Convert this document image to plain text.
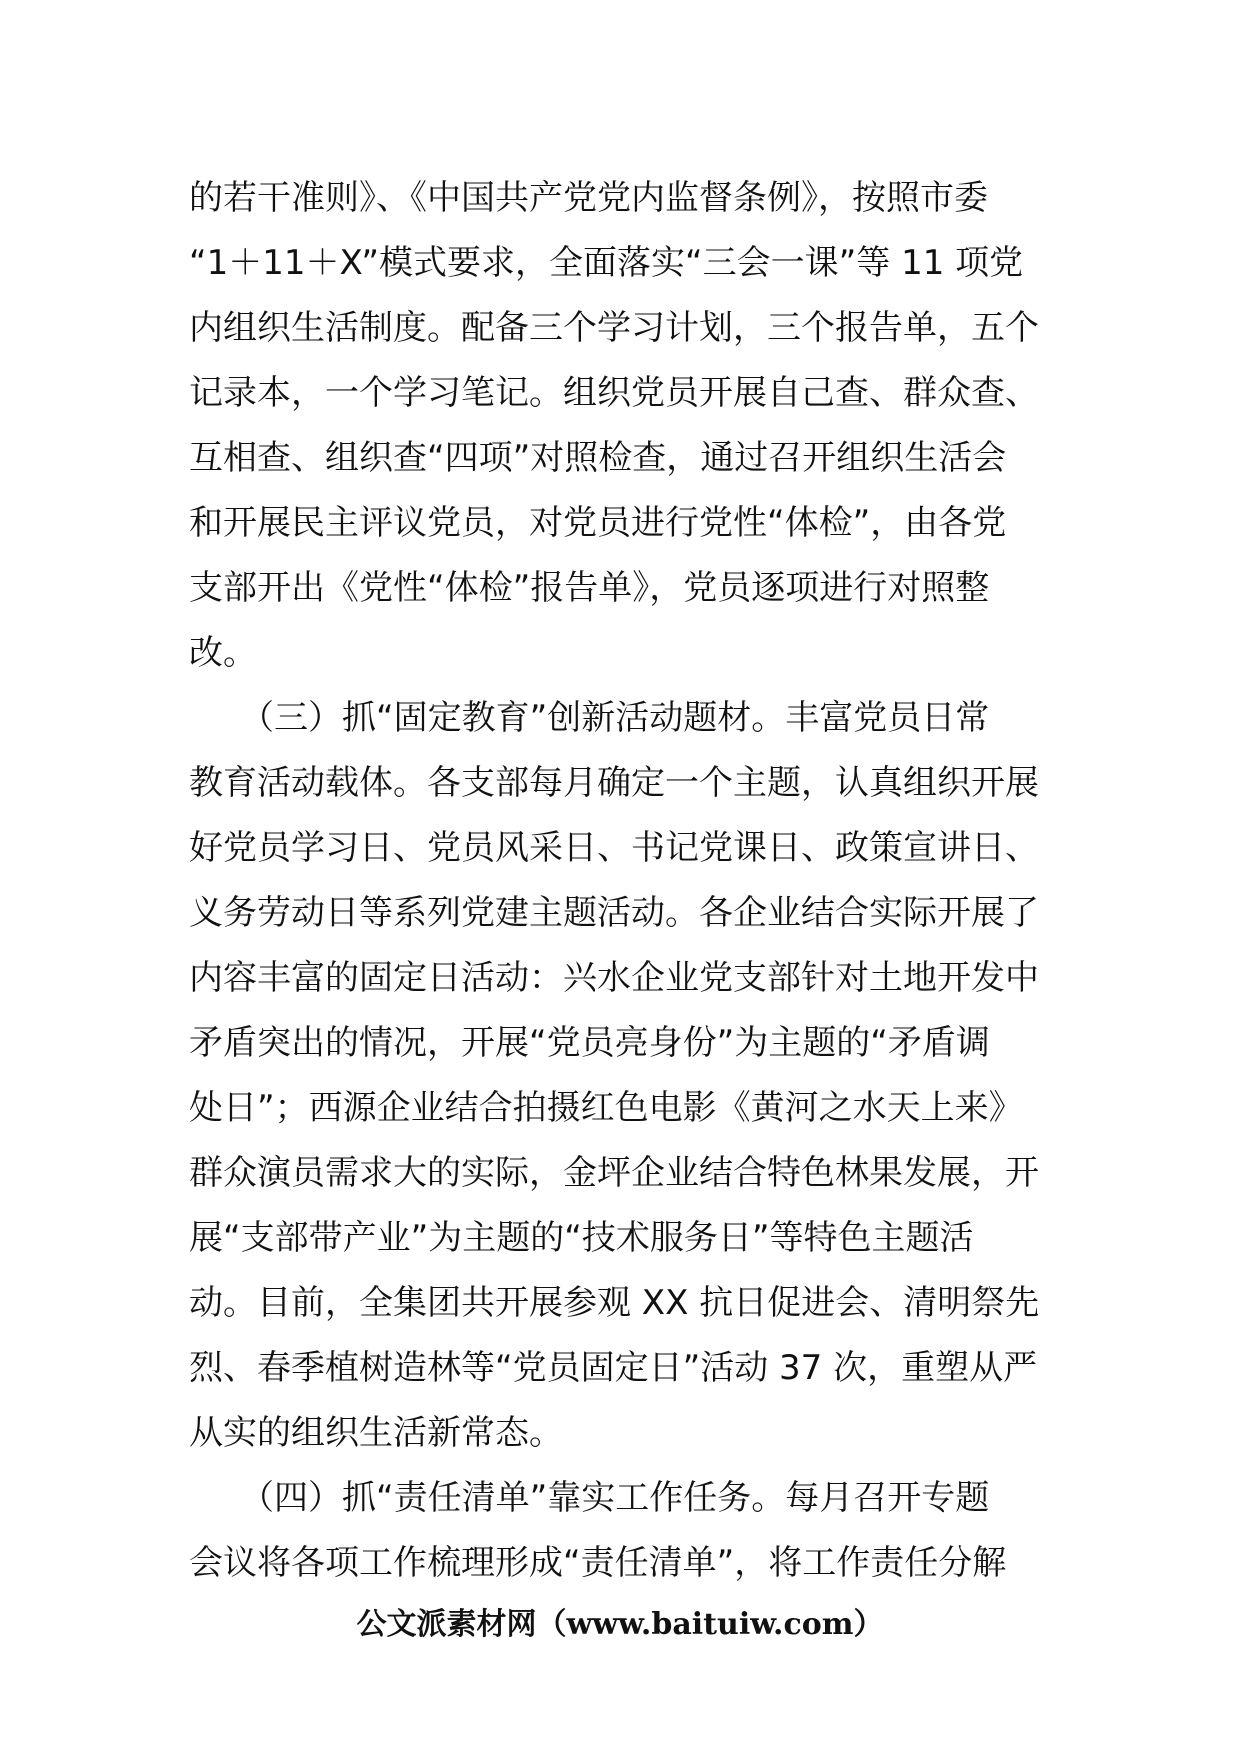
的若干准则》、《中国共产党党内监督条例》，按照市委
“1＋11＋X”模式要求，全面落实“三会一课”等 11 项党
内组织生活制度。配备三个学习计划，三个报告单，五个
记录本，一个学习笔记。组织党员开展自己查、群众查、
互相查、组织查“四项”对照检查，通过召开组织生活会
和开展民主评议党员，对党员进行党性“体检”，由各党
支部开出《党性“体检”报告单》，党员逐项进行对照整
改。
　　（三）抓“固定教育”创新活动题材。丰富党员日常
教育活动载体。各支部每月确定一个主题，认真组织开展
好党员学习日、党员风采日、书记党课日、政策宣讲日、
义务劳动日等系列党建主题活动。各企业结合实际开展了
内容丰富的固定日活动：兴水企业党支部针对土地开发中
矛盾突出的情况，开展“党员亮身份”为主题的“矛盾调
处日”；西源企业结合拍摄红色电影《黄河之水天上来》
群众演员需求大的实际，金坪企业结合特色林果发展，开
展“支部带产业”为主题的“技术服务日”等特色主题活
动。目前，全集团共开展参观 XX 抗日促进会、清明祭先
烈、春季植树造林等“党员固定日”活动 37 次，重塑从严
从实的组织生活新常态。
　　（四）抓“责任清单”靠实工作任务。每月召开专题
会议将各项工作梳理形成“责任清单”，将工作责任分解
公文派素材网（www.baituiw.com）
